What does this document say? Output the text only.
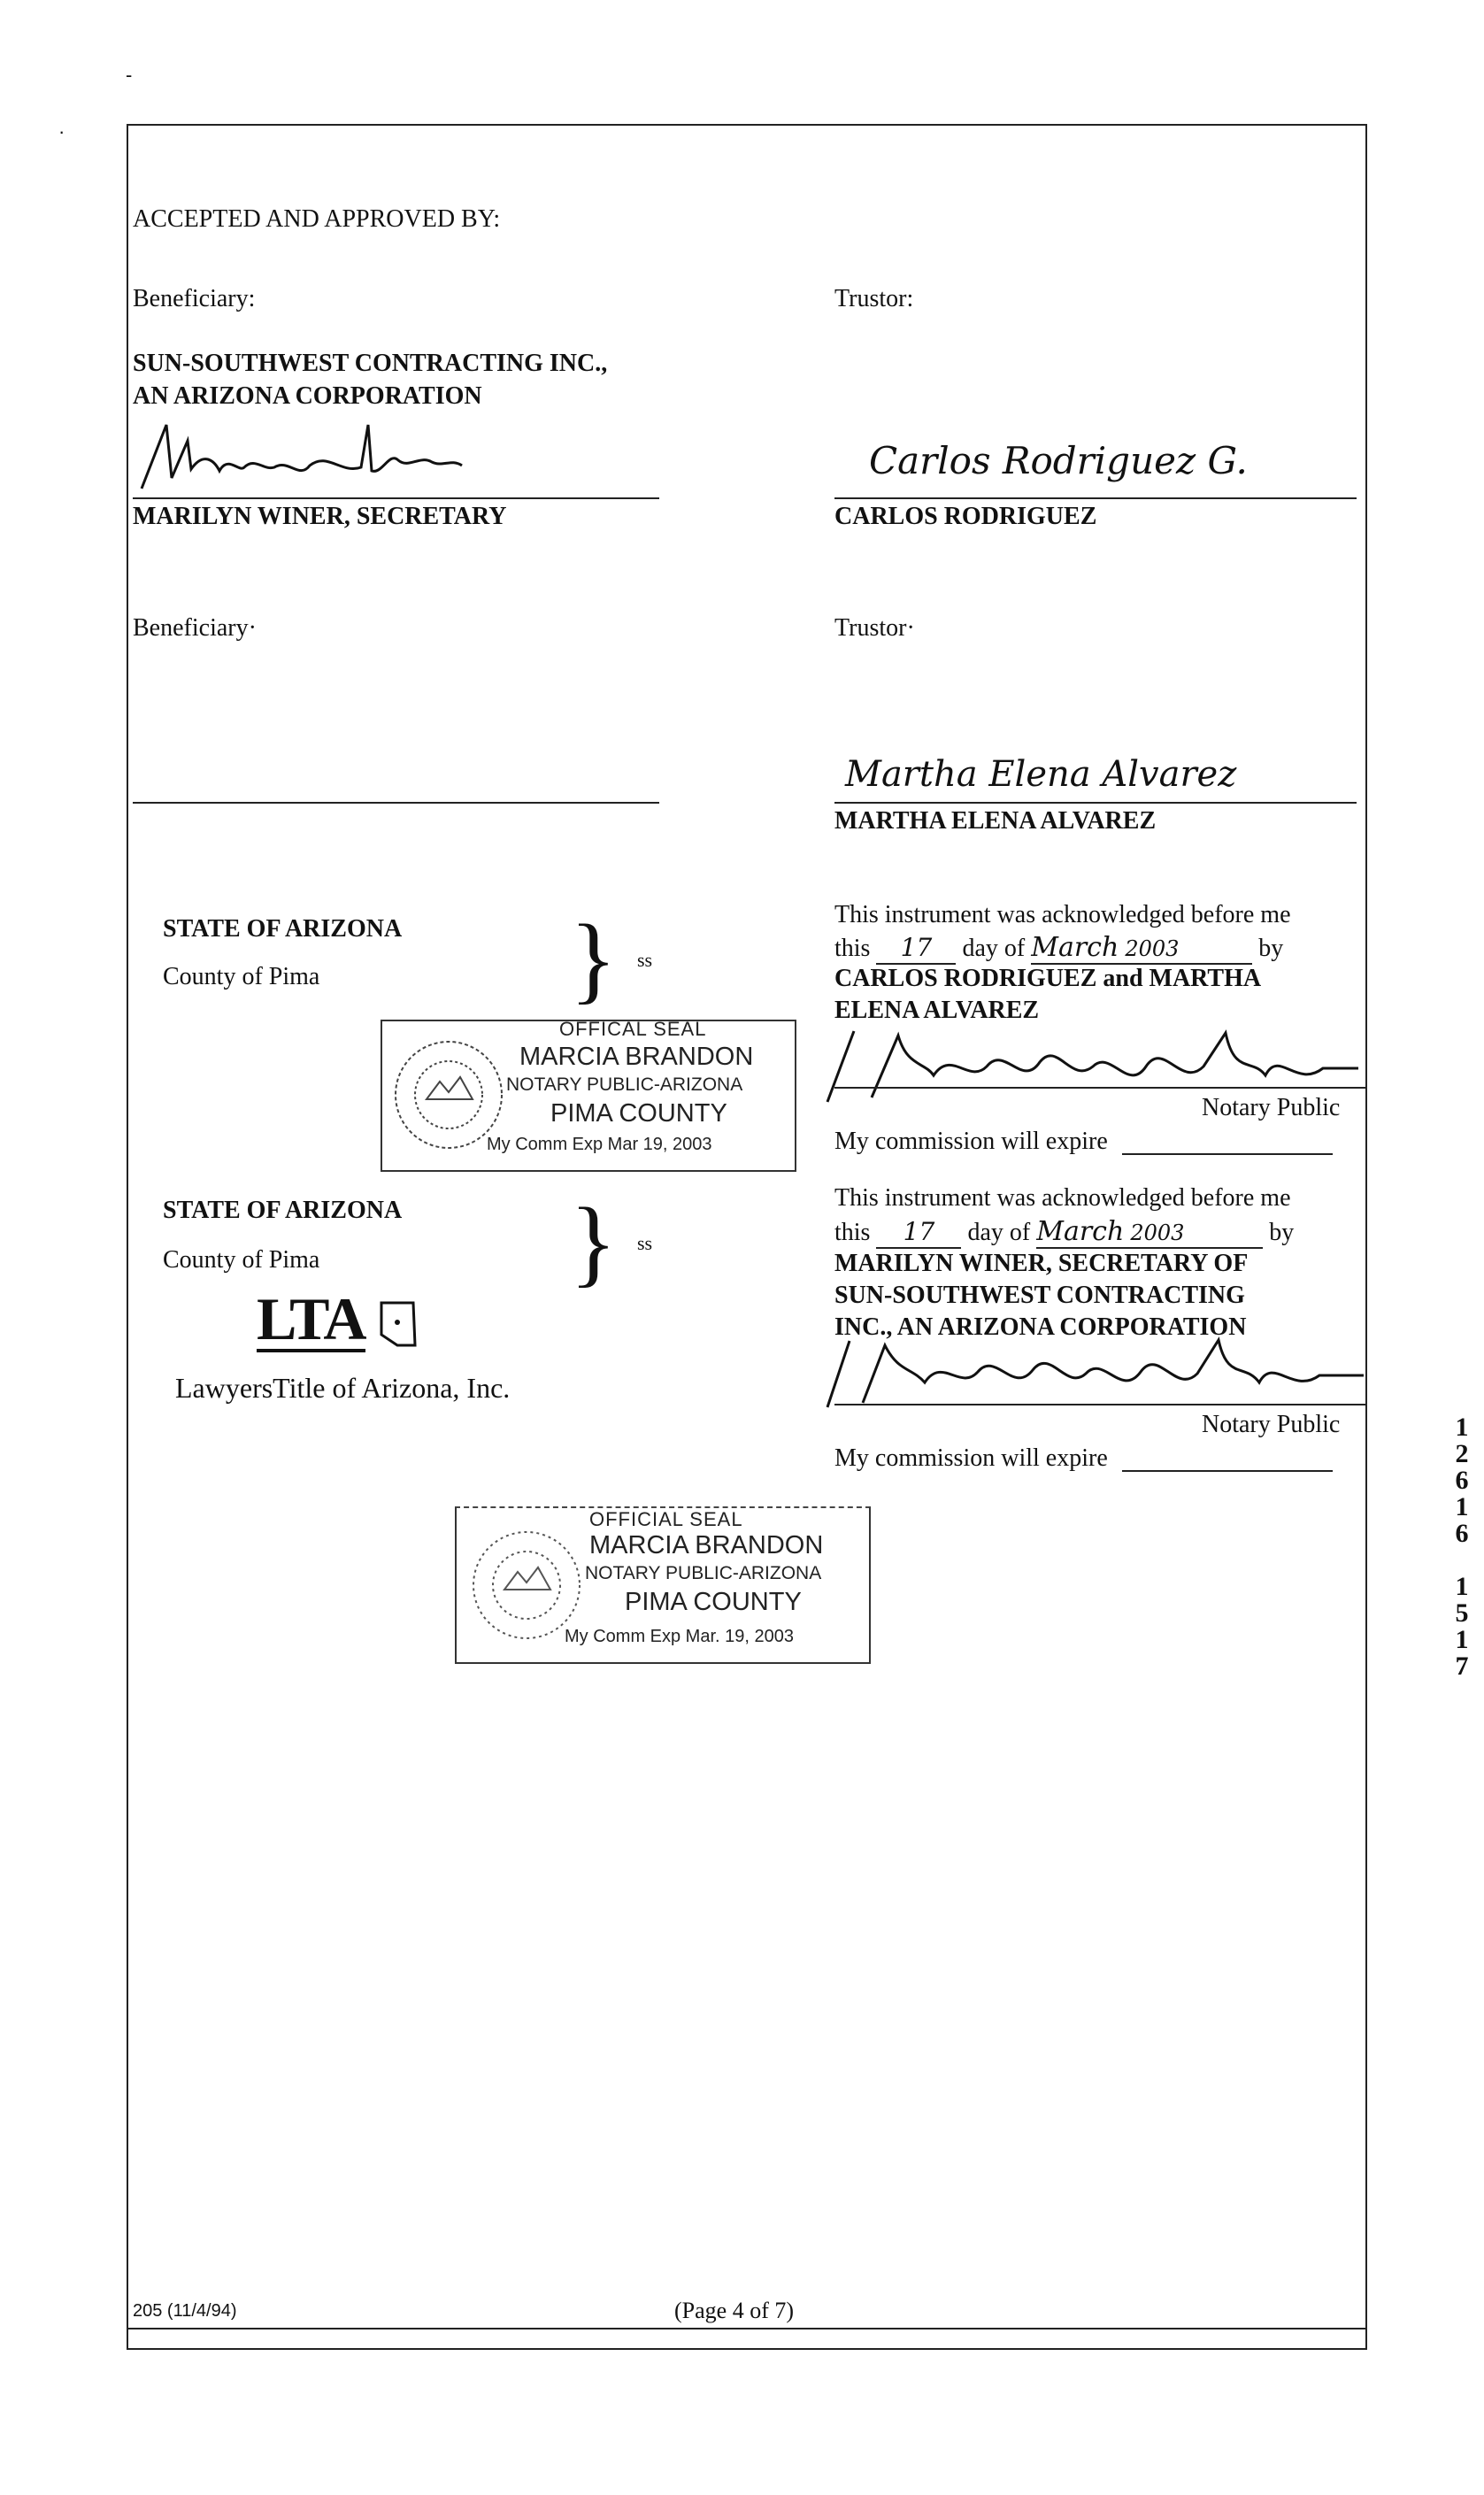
-
·
ACCEPTED AND APPROVED BY:
Beneficiary:	Trustor:
SUN-SOUTHWEST CONTRACTING INC.,
AN ARIZONA CORPORATION
MARILYN WINER, SECRETARY
Carlos Rodriguez G.
CARLOS RODRIGUEZ
Beneficiary·	Trustor·
Martha Elena Alvarez
MARTHA ELENA ALVAREZ
STATE OF ARIZONA
County of Pima	} ss
This instrument was acknowledged before me
this 17 day of March 2003	by
CARLOS RODRIGUEZ and MARTHA
ELENA ALVAREZ
Notary Public
My commission will expire
OFFICAL SEAL
MARCIA BRANDON
NOTARY PUBLIC-ARIZONA
PIMA COUNTY
My Comm Exp Mar 19, 2003
STATE OF ARIZONA
County of Pima	} ss
This instrument was acknowledged before me
this 17 day of March 2003	by
MARILYN WINER, SECRETARY OF
SUN-SOUTHWEST CONTRACTING
INC., AN ARIZONA CORPORATION
Notary Public
My commission will expire
LTA
LawyersTitle of Arizona, Inc.
OFFICIAL SEAL
MARCIA BRANDON
NOTARY PUBLIC-ARIZONA
PIMA COUNTY
My Comm Exp Mar. 19, 2003
205 (11/4/94)	(Page 4 of 7)
1
2
6
1
6
1
5
1
7
